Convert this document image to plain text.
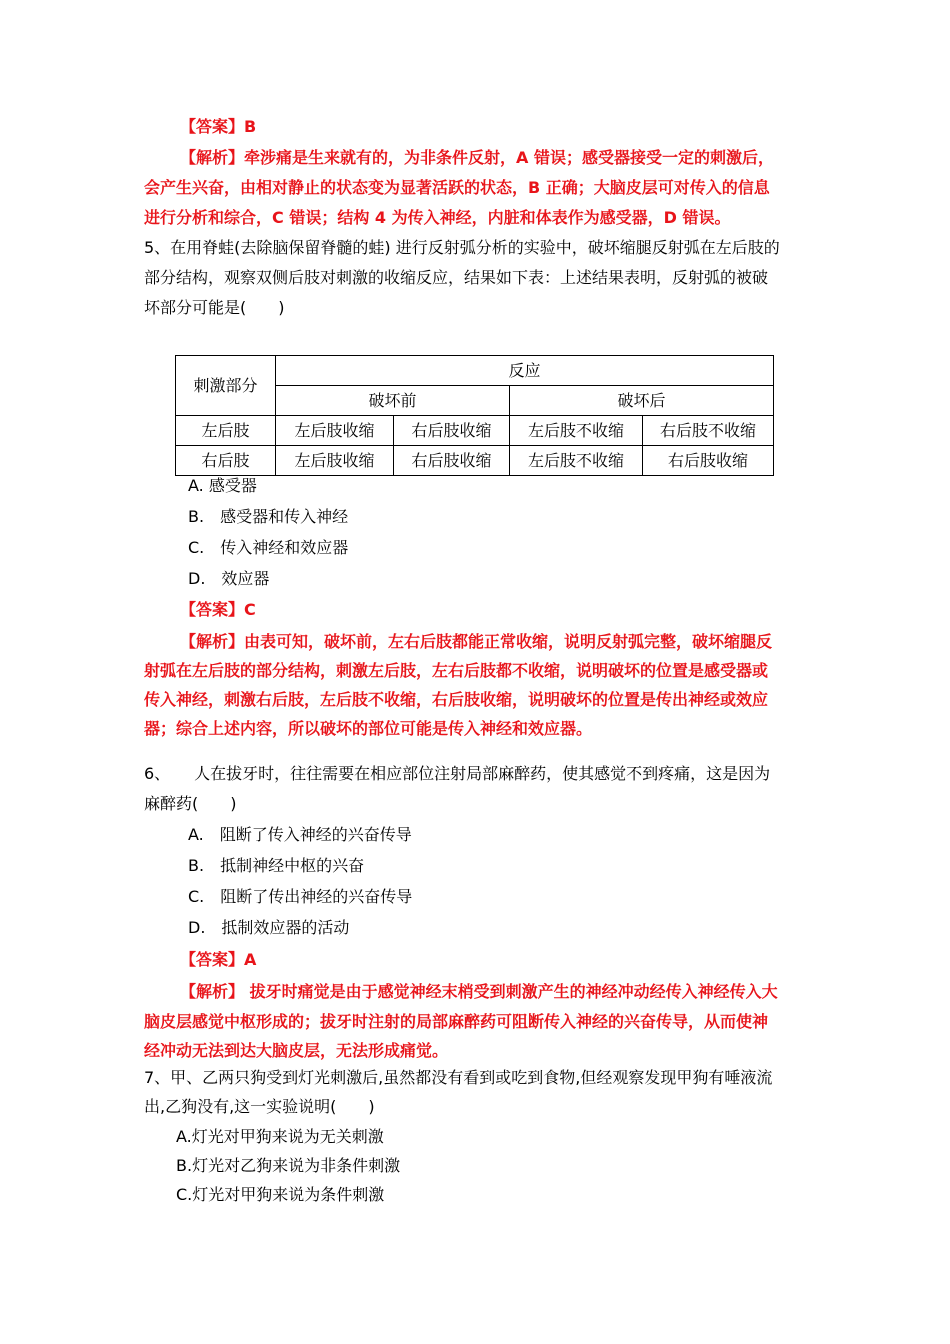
【答案】B
【解析】牵涉痛是生来就有的，为非条件反射，A 错误；感受器接受一定的刺激后，
会产生兴奋，由相对静止的状态变为显著活跃的状态，B 正确；大脑皮层可对传入的信息
进行分析和综合，C 错误；结构 4 为传入神经，内脏和体表作为感受器，D 错误。
5、在用脊蛙(去除脑保留脊髓的蛙) 进行反射弧分析的实验中，破坏缩腿反射弧在左后肢的
部分结构，观察双侧后肢对刺激的收缩反应，结果如下表：上述结果表明，反射弧的被破
坏部分可能是(　　)
刺激部分	反应			
	破坏前		破坏后	
左后肢	左后肢收缩	右后肢收缩	左后肢不收缩	右后肢不收缩
右后肢	左后肢收缩	右后肢收缩	左后肢不收缩	右后肢收缩
A. 感受器
B.　感受器和传入神经
C.　传入神经和效应器
D.　效应器
【答案】C
【解析】由表可知，破坏前，左右后肢都能正常收缩，说明反射弧完整，破坏缩腿反
射弧在左后肢的部分结构，刺激左后肢，左右后肢都不收缩，说明破坏的位置是感受器或
传入神经，刺激右后肢，左后肢不收缩，右后肢收缩，说明破坏的位置是传出神经或效应
器；综合上述内容，所以破坏的部位可能是传入神经和效应器。
6、　　人在拔牙时，往往需要在相应部位注射局部麻醉药，使其感觉不到疼痛，这是因为
麻醉药(　　)
A.　阻断了传入神经的兴奋传导
B.　抵制神经中枢的兴奋
C.　阻断了传出神经的兴奋传导
D.　抵制效应器的活动
【答案】A
【解析】 拔牙时痛觉是由于感觉神经末梢受到刺激产生的神经冲动经传入神经传入大
脑皮层感觉中枢形成的；拔牙时注射的局部麻醉药可阻断传入神经的兴奋传导，从而使神
经冲动无法到达大脑皮层，无法形成痛觉。
7、甲、乙两只狗受到灯光刺激后,虽然都没有看到或吃到食物,但经观察发现甲狗有唾液流
出,乙狗没有,这一实验说明(　　)
A.灯光对甲狗来说为无关刺激
B.灯光对乙狗来说为非条件刺激
C.灯光对甲狗来说为条件刺激
